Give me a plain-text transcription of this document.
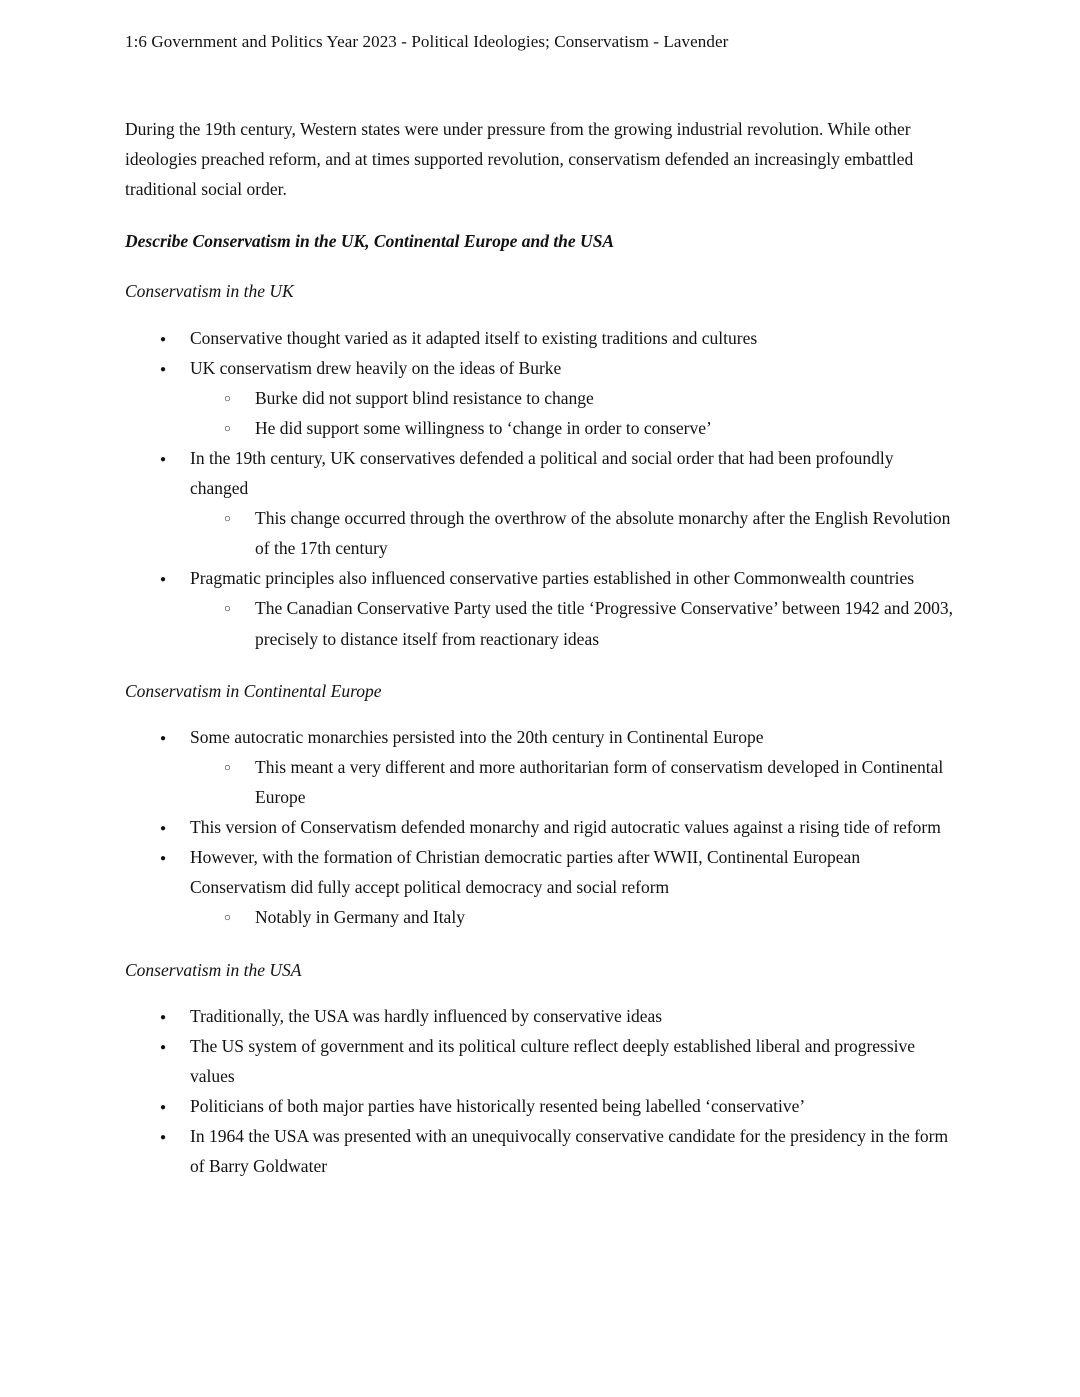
1:6 Government and Politics Year 2023 - Political Ideologies; Conservatism - Lavender

During the 19th century, Western states were under pressure from the growing industrial revolution. While other ideologies preached reform, and at times supported revolution, conservatism defended an increasingly embattled traditional social order.

Describe Conservatism in the UK, Continental Europe and the USA
Conservatism in the UK
● Conservative thought varied as it adapted itself to existing traditions and cultures
● UK conservatism drew heavily on the ideas of Burke
○ Burke did not support blind resistance to change
○ He did support some willingness to ‘change in order to conserve’
● In the 19th century, UK conservatives defended a political and social order that had been profoundly changed
○ This change occurred through the overthrow of the absolute monarchy after the English Revolution of the 17th century
● Pragmatic principles also influenced conservative parties established in other Commonwealth countries
○ The Canadian Conservative Party used the title ‘Progressive Conservative’ between 1942 and 2003, precisely to distance itself from reactionary ideas
Conservatism in Continental Europe
● Some autocratic monarchies persisted into the 20th century in Continental Europe
○ This meant a very different and more authoritarian form of conservatism developed in Continental Europe
● This version of Conservatism defended monarchy and rigid autocratic values against a rising tide of reform
● However, with the formation of Christian democratic parties after WWII, Continental European Conservatism did fully accept political democracy and social reform
○ Notably in Germany and Italy
Conservatism in the USA
● Traditionally, the USA was hardly influenced by conservative ideas
● The US system of government and its political culture reflect deeply established liberal and progressive values
● Politicians of both major parties have historically resented being labelled ‘conservative’
● In 1964 the USA was presented with an unequivocally conservative candidate for the presidency in the form of Barry Goldwater
